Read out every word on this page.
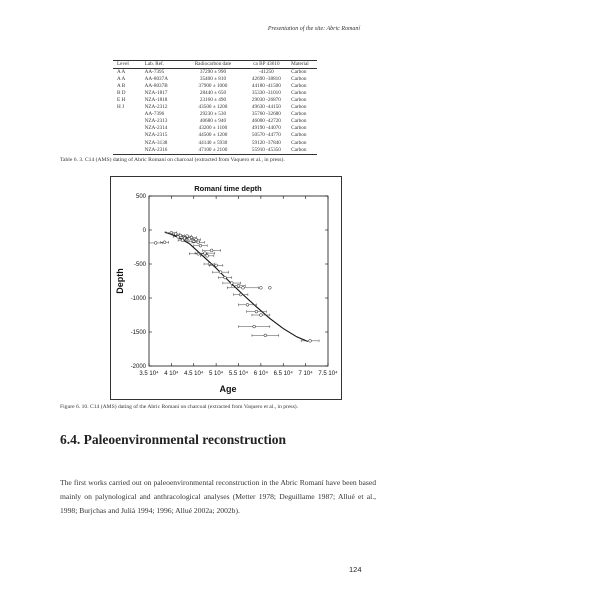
Presentation of the site: Abric Romaní
Level	Lab. Ref.	Radiocarbon date	ca BP 43610	Material
A A	AA-7395	37290 ± 990	-41250	Carbon
A A	AA-8037A	35400 ± 810	42690 -38810	Carbon
A B	AA-8037B	37900 ± 1000	44180 -41500	Carbon
B D	NZA-1817	28440 ± 650	35330 -31010	Carbon
E H	NZA-1818	23160 ± 490	29030 -26870	Carbon
H J	NZA-2312	43500 ± 1200	49630 -44150	Carbon
	AA-7396	29230 ± 530	35760 -32680	Carbon
	NZA-2313	40680 ± 940	46000 -42720	Carbon
	NZA-2314	43200 ± 1100	49190 -44070	Carbon
	NZA-2315	44500 ± 1200	50570 -44770	Carbon
	NZA-3138	44140 ± 5930	59120 -37840	Carbon
	NZA-2316	47100 ± 2100	55910 -45350	Carbon

Table 6. 3. C14 (AMS) dating of Abric Romaní on charcoal (extracted from Vaquero et al., in press).
Romaní time depth
3.5 10⁴ 4 10⁴ 4.5 10⁴ 5 10⁴ 5.5 10⁴ 6 10⁴ 6.5 10⁴ 7 10⁴ 7.5 10⁴
500
0
-500
-1000
-1500
-2000
Depth
Age
Figure 6. 10. C14 (AMS) dating of the Abric Romaní on charcoal (extracted from Vaquero et al., in press).
6.4. Paleoenvironmental reconstruction
The first works carried out on paleoenvironmental reconstruction in the Abric Romaní have been based mainly on palynological and anthracological analyses (Metter 1978; Deguillame 1987; Allué et al., 1998; Burjchas and Julià 1994; 1996; Allué 2002a; 2002b).
124
